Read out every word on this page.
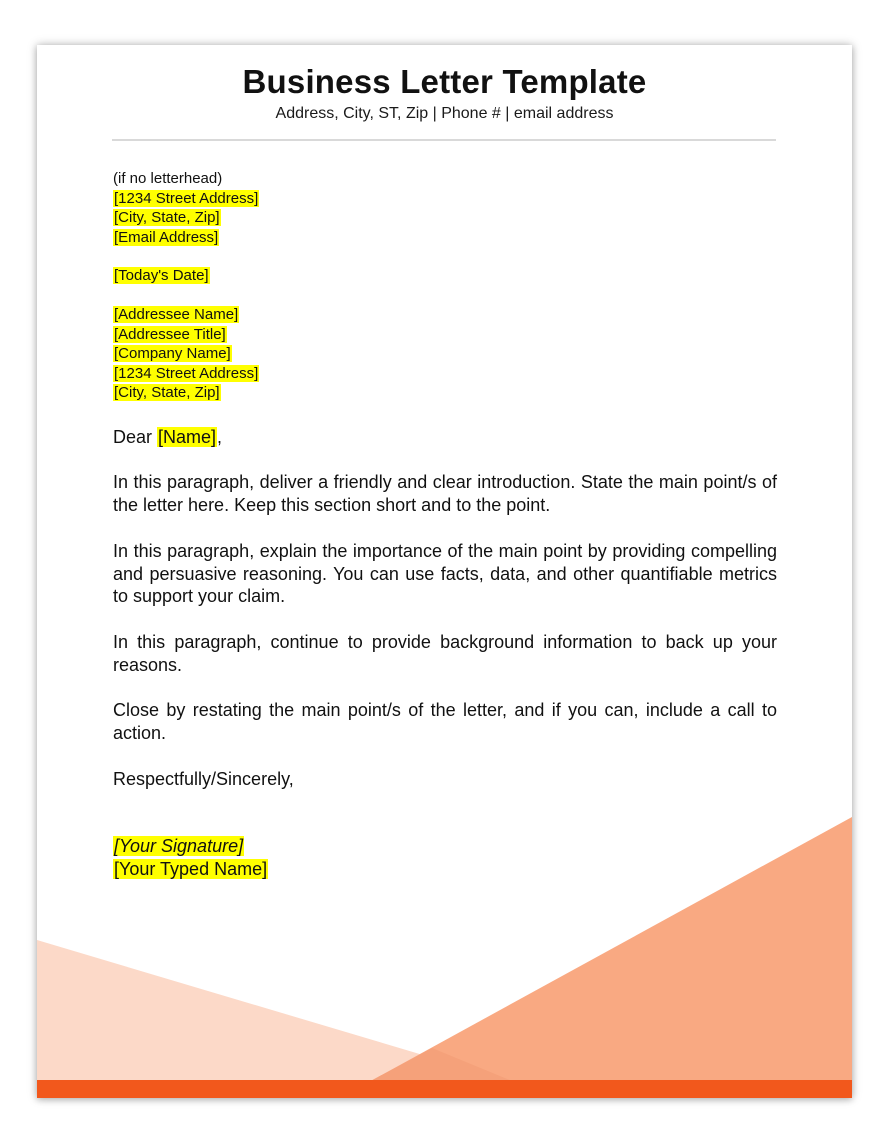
Business Letter Template
Address, City, ST, Zip | Phone # | email address
(if no letterhead)
[1234 Street Address]
[City, State, Zip]
[Email Address]
[Today's Date]
[Addressee Name]
[Addressee Title]
[Company Name]
[1234 Street Address]
[City, State, Zip]
Dear [Name],

In this paragraph, deliver a friendly and clear introduction. State the main point/s of the letter here. Keep this section short and to the point.

In this paragraph, explain the importance of the main point by providing compelling and persuasive reasoning. You can use facts, data, and other quantifiable metrics to support your claim.

In this paragraph, continue to provide background information to back up your reasons.

Close by restating the main point/s of the letter, and if you can, include a call to action.

Respectfully/Sincerely,
[Your Signature]
[Your Typed Name]
